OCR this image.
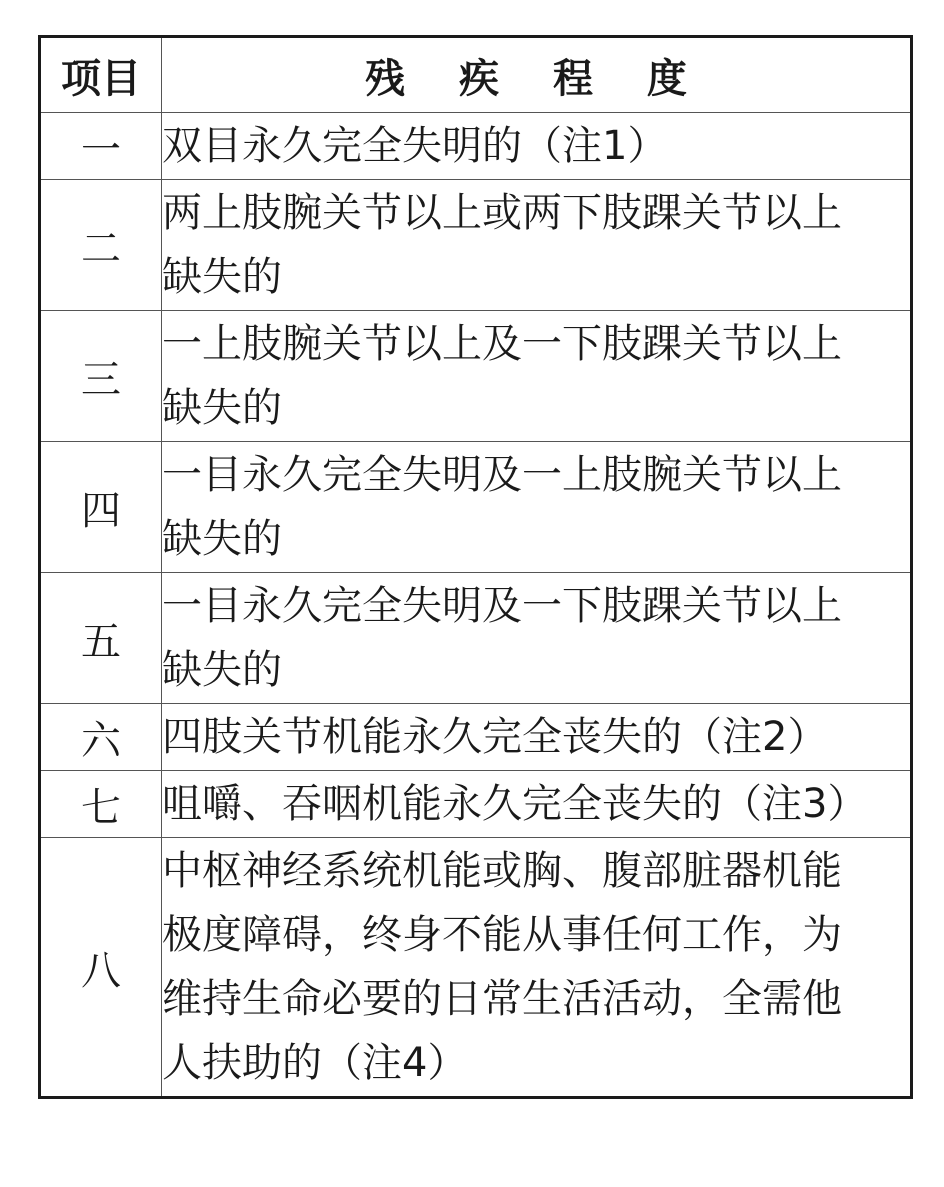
项目	残 疾 程 度
一	双目永久完全失明的（注1）
二	两上肢腕关节以上或两下肢踝关节以上
缺失的
三	一上肢腕关节以上及一下肢踝关节以上
缺失的
四	一目永久完全失明及一上肢腕关节以上
缺失的
五	一目永久完全失明及一下肢踝关节以上
缺失的
六	四肢关节机能永久完全丧失的（注2）
七	咀嚼、吞咽机能永久完全丧失的（注3）
八	中枢神经系统机能或胸、腹部脏器机能
极度障碍，终身不能从事任何工作，为
维持生命必要的日常生活活动，全需他
人扶助的（注4）
